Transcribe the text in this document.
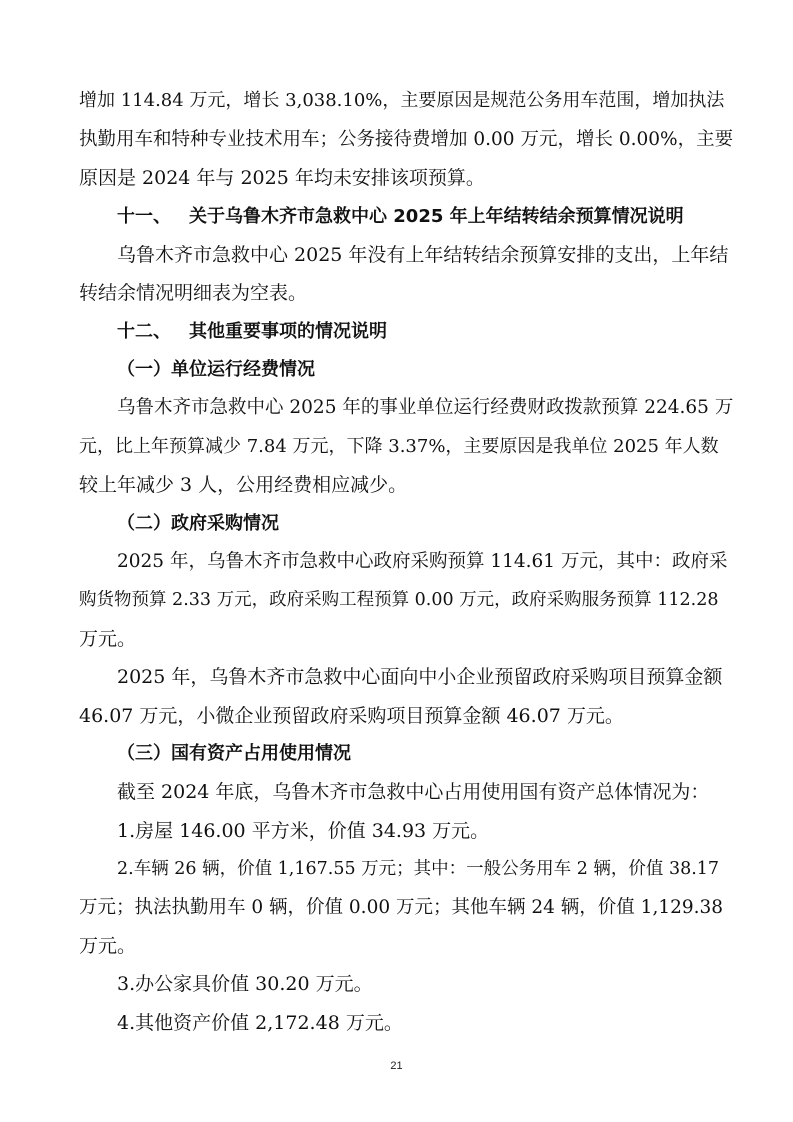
增加 114.84 万元，增长 3,038.10%，主要原因是规范公务用车范围，增加执法
执勤用车和特种专业技术用车；公务接待费增加 0.00 万元，增长 0.00%，主要
原因是 2024 年与 2025 年均未安排该项预算。
十一、 关于乌鲁木齐市急救中心 2025 年上年结转结余预算情况说明
乌鲁木齐市急救中心 2025 年没有上年结转结余预算安排的支出，上年结
转结余情况明细表为空表。
十二、 其他重要事项的情况说明
（一）单位运行经费情况
乌鲁木齐市急救中心 2025 年的事业单位运行经费财政拨款预算 224.65 万
元，比上年预算减少 7.84 万元，下降 3.37%，主要原因是我单位 2025 年人数
较上年减少 3 人，公用经费相应减少。
（二）政府采购情况
2025 年，乌鲁木齐市急救中心政府采购预算 114.61 万元，其中：政府采
购货物预算 2.33 万元，政府采购工程预算 0.00 万元，政府采购服务预算 112.28
万元。
2025 年，乌鲁木齐市急救中心面向中小企业预留政府采购项目预算金额
46.07 万元，小微企业预留政府采购项目预算金额 46.07 万元。
（三）国有资产占用使用情况
截至 2024 年底，乌鲁木齐市急救中心占用使用国有资产总体情况为：
1.房屋 146.00 平方米，价值 34.93 万元。
2.车辆 26 辆，价值 1,167.55 万元；其中：一般公务用车 2 辆，价值 38.17
万元；执法执勤用车 0 辆，价值 0.00 万元；其他车辆 24 辆，价值 1,129.38
万元。
3.办公家具价值 30.20 万元。
4.其他资产价值 2,172.48 万元。
21
